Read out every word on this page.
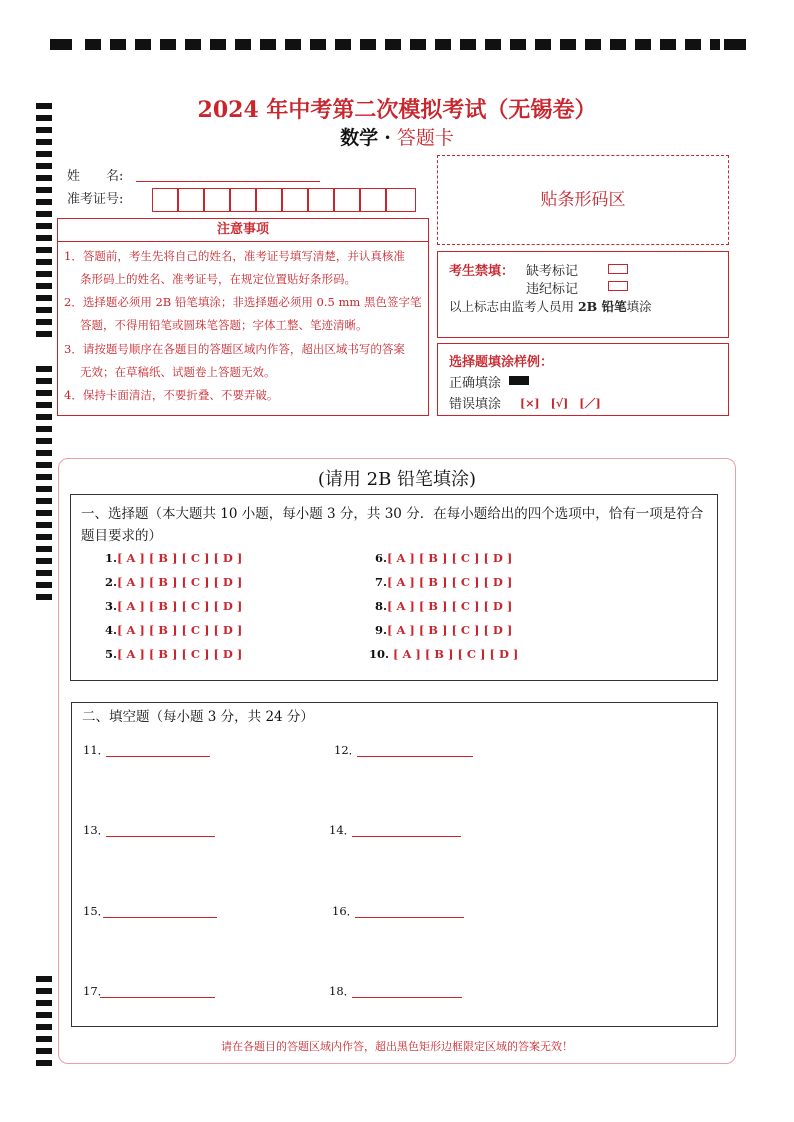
2024 年中考第二次模拟考试（无锡卷）
数学 · 答题卡
姓　　名:
准考证号:
注意事项
1．答题前，考生先将自己的姓名，准考证号填写清楚，并认真核准
条形码上的姓名、准考证号，在规定位置贴好条形码。
2．选择题必须用 2B 铅笔填涂；非选择题必须用 0.5 mm 黑色签字笔
答题，不得用铅笔或圆珠笔答题；字体工整、笔迹清晰。
3．请按题号顺序在各题目的答题区域内作答，超出区域书写的答案
无效；在草稿纸、试题卷上答题无效。
4．保持卡面清洁，不要折叠、不要弄破。
贴条形码区
考生禁填： 缺考标记
违纪标记
以上标志由监考人员用 2B 铅笔填涂
选择题填涂样例：
正确填涂
错误填涂 [×]　[√]　[／]
(请用 2B 铅笔填涂)
一、选择题（本大题共 10 小题，每小题 3 分，共 30 分．在每小题给出的四个选项中，恰有一项是符合
题目要求的）
1.[ A ] [ B ] [ C ] [ D ]
2.[ A ] [ B ] [ C ] [ D ]
3.[ A ] [ B ] [ C ] [ D ]
4.[ A ] [ B ] [ C ] [ D ]
5.[ A ] [ B ] [ C ] [ D ]
6.[ A ] [ B ] [ C ] [ D ]
7.[ A ] [ B ] [ C ] [ D ]
8.[ A ] [ B ] [ C ] [ D ]
9.[ A ] [ B ] [ C ] [ D ]
10. [ A ] [ B ] [ C ] [ D ]
二、填空题（每小题 3 分，共 24 分）
11．	12．
13．	14．
15．	16．
17．	18．
请在各题目的答题区域内作答，超出黑色矩形边框限定区域的答案无效！
